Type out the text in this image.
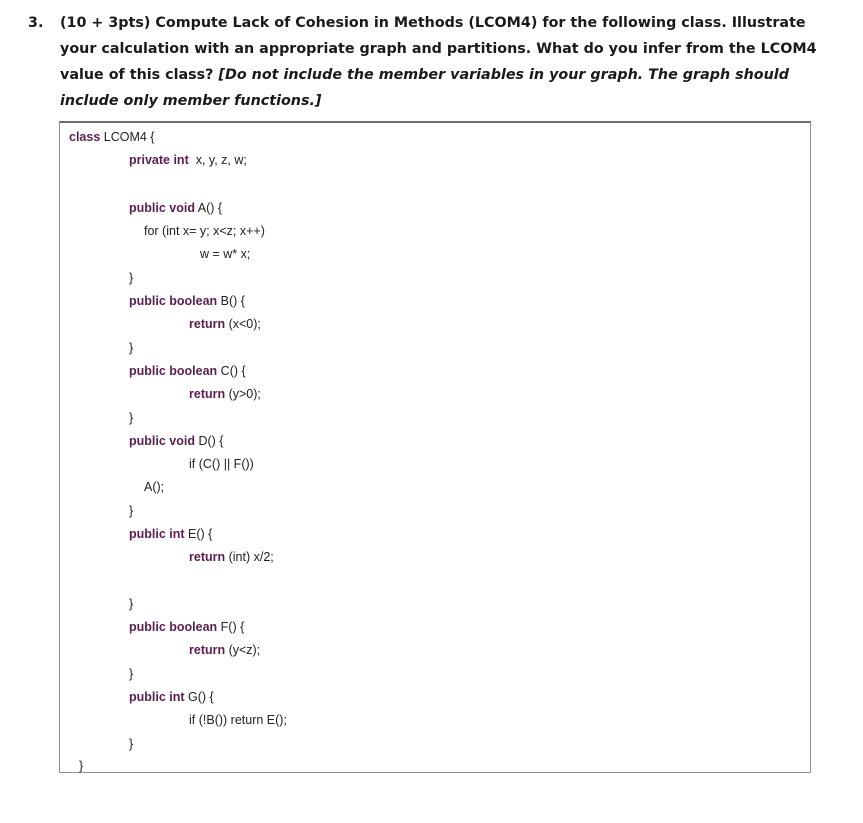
3. (10 + 3pts) Compute Lack of Cohesion in Methods (LCOM4) for the following class. Illustrate your calculation with an appropriate graph and partitions. What do you infer from the LCOM4 value of this class? [Do not include the member variables in your graph. The graph should include only member functions.]
class LCOM4 {
private int  x, y, z, w;
public void A() {
for (int x= y; x<z; x++)
w = w* x;
}
public boolean B() {
return (x<0);
}
public boolean C() {
return (y>0);
}
public void D() {
if (C() || F())
A();
}
public int E() {
return (int) x/2;
}
public boolean F() {
return (y<z);
}
public int G() {
if (!B()) return E();
}
}
